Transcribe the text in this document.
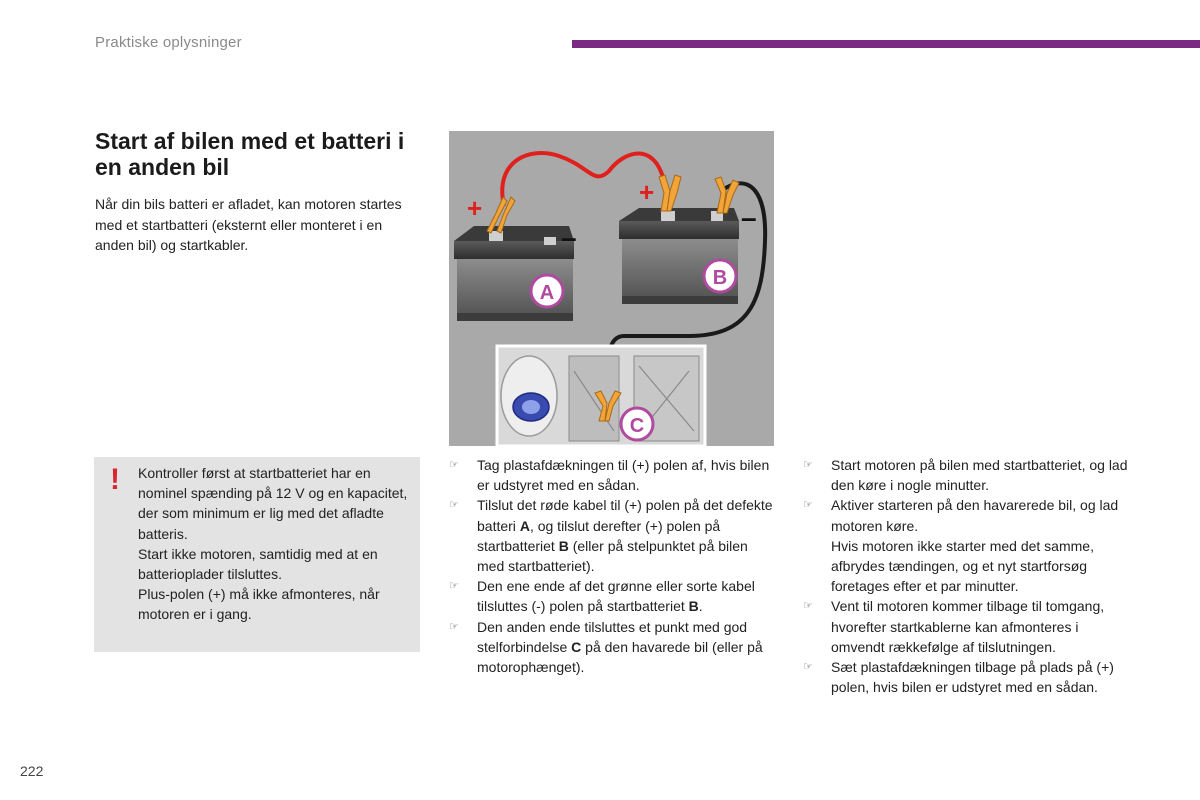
Praktiske oplysninger
Start af bilen med et batteri i en anden bil
Når din bils batteri er afladet, kan motoren startes med et startbatteri (eksternt eller monteret i en anden bil) og startkabler.
+
–
+
–
A
B
C
! Kontroller først at startbatteriet har en nominel spænding på 12 V og en kapacitet, der som minimum er lig med det afladte batteris.

Start ikke motoren, samtidig med at en batterioplader tilsluttes.

Plus-polen (+) må ikke afmonteres, når motoren er i gang.

☞	Tag plastafdækningen til (+) polen af, hvis bilen er udstyret med en sådan.
☞	Tilslut det røde kabel til (+) polen på det defekte batteri A, og tilslut derefter (+) polen på startbatteriet B (eller på stelpunktet på bilen med startbatteriet).
☞	Den ene ende af det grønne eller sorte kabel tilsluttes (-) polen på startbatteriet B.
☞	Den anden ende tilsluttes et punkt med god stelforbindelse C på den havarede bil (eller på motorophænget).
☞	Start motoren på bilen med startbatteriet, og lad den køre i nogle minutter.
☞	Aktiver starteren på den havarerede bil, og lad motoren køre.
Hvis motoren ikke starter med det samme, afbrydes tændingen, og et nyt startforsøg foretages efter et par minutter.
☞	Vent til motoren kommer tilbage til tomgang, hvorefter startkablerne kan afmonteres i omvendt rækkefølge af tilslutningen.
☞	Sæt plastafdækningen tilbage på plads på (+) polen, hvis bilen er udstyret med en sådan.
222
